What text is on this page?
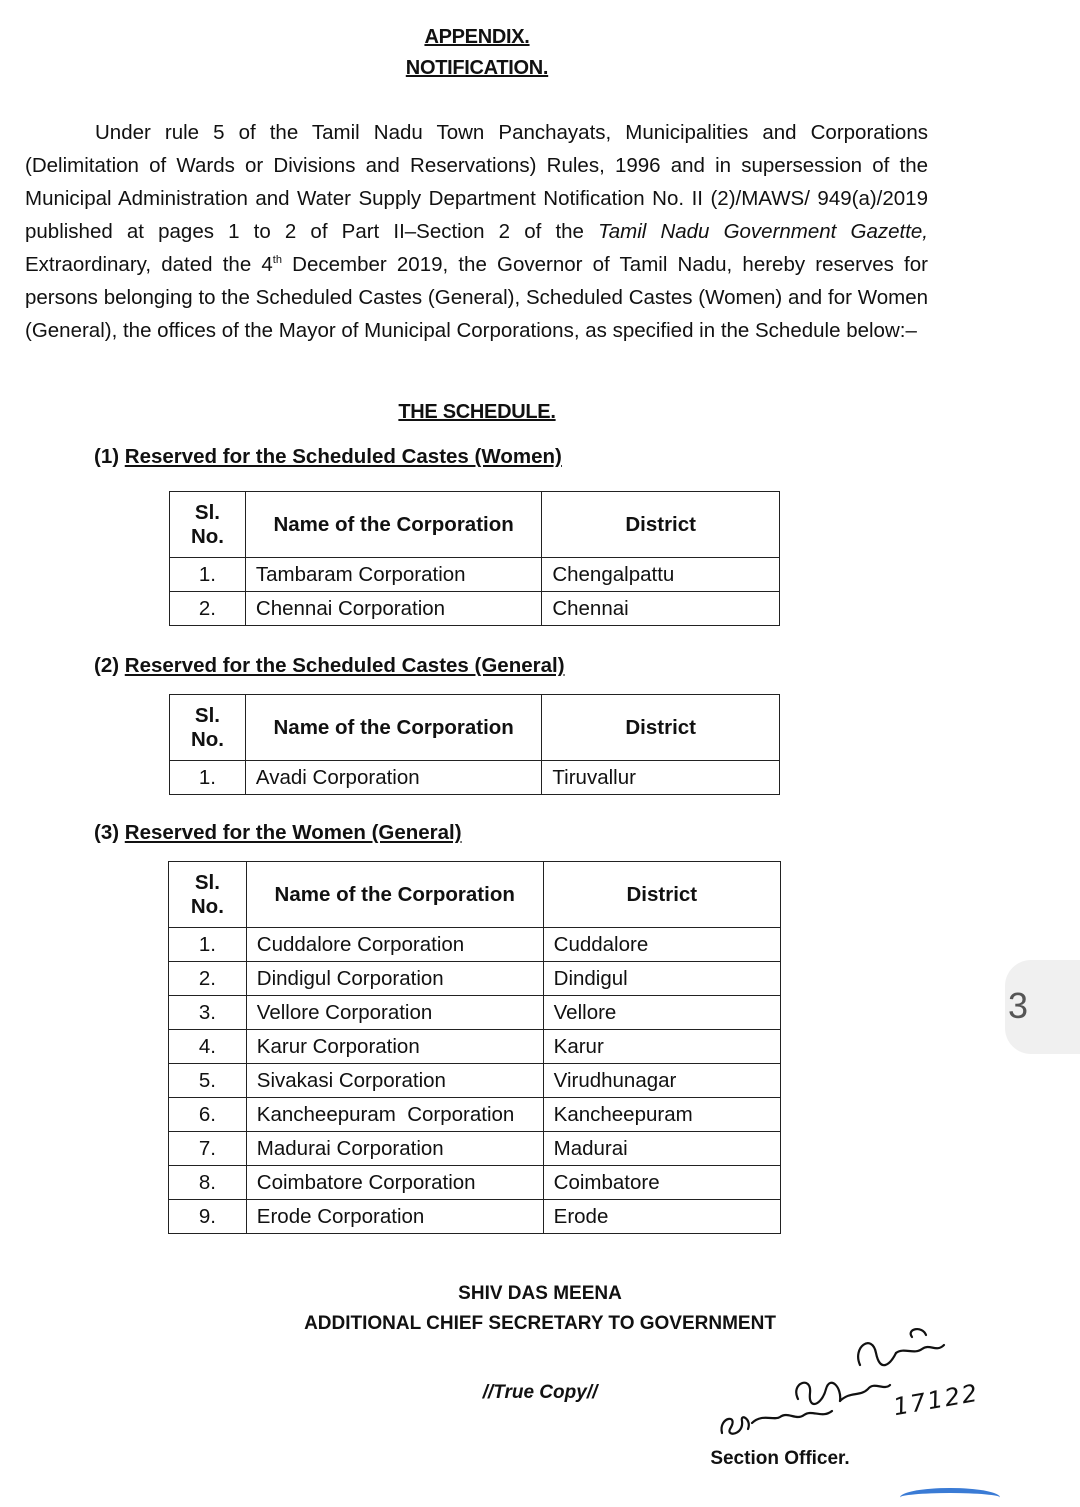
APPENDIX.
NOTIFICATION.

Under rule 5 of the Tamil Nadu Town Panchayats, Municipalities and Corporations (Delimitation of Wards or Divisions and Reservations) Rules, 1996 and in supersession of the Municipal Administration and Water Supply Department Notification No. II (2)/MAWS/ 949(a)/2019 published at pages 1 to 2 of Part II–Section 2 of the Tamil Nadu Government Gazette, Extraordinary, dated the 4th December 2019, the Governor of Tamil Nadu, hereby reserves for persons belonging to the Scheduled Castes (General), Scheduled Castes (Women) and for Women (General), the offices of the Mayor of Municipal Corporations, as specified in the Schedule below:–

THE SCHEDULE.
(1) Reserved for the Scheduled Castes (Women)
Sl. No.	Name of the Corporation	District
1.	Tambaram Corporation	Chengalpattu
2.	Chennai Corporation	Chennai
(2) Reserved for the Scheduled Castes (General)
Sl. No.	Name of the Corporation	District
1.	Avadi Corporation	Tiruvallur
(3) Reserved for the Women (General)
Sl. No.	Name of the Corporation	District
1.	Cuddalore Corporation	Cuddalore
2.	Dindigul Corporation	Dindigul
3.	Vellore Corporation	Vellore
4.	Karur Corporation	Karur
5.	Sivakasi Corporation	Virudhunagar
6.	Kancheepuram  Corporation	Kancheepuram
7.	Madurai Corporation	Madurai
8.	Coimbatore Corporation	Coimbatore
9.	Erode Corporation	Erode
SHIV DAS MEENA
ADDITIONAL CHIEF SECRETARY TO GOVERNMENT
//True Copy//	17122
Section Officer.
3
